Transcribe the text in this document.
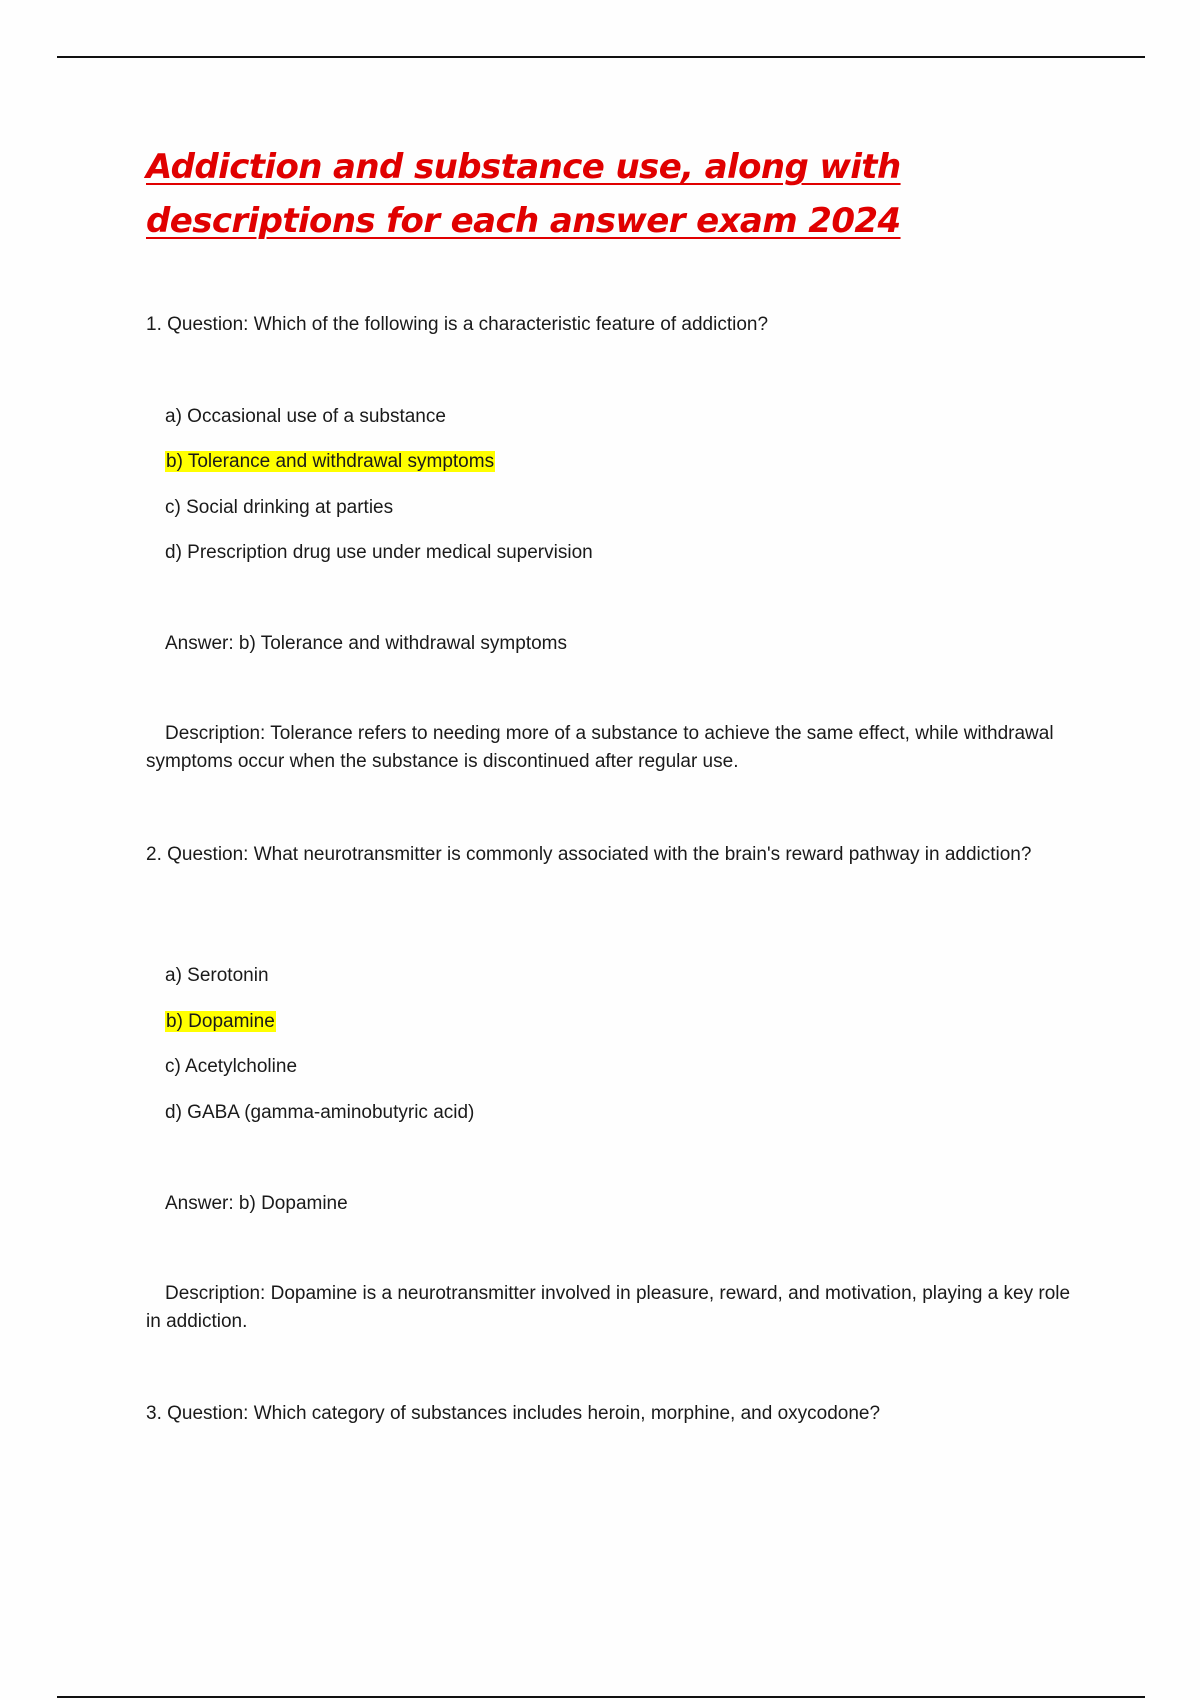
Addiction and substance use, along with descriptions for each answer exam 2024

1. Question: Which of the following is a characteristic feature of addiction?

a) Occasional use of a substance

b) Tolerance and withdrawal symptoms

c) Social drinking at parties

d) Prescription drug use under medical supervision

Answer: b) Tolerance and withdrawal symptoms

Description: Tolerance refers to needing more of a substance to achieve the same effect, while withdrawal symptoms occur when the substance is discontinued after regular use.

2. Question: What neurotransmitter is commonly associated with the brain's reward pathway in addiction?

a) Serotonin

b) Dopamine

c) Acetylcholine

d) GABA (gamma-aminobutyric acid)

Answer: b) Dopamine

Description: Dopamine is a neurotransmitter involved in pleasure, reward, and motivation, playing a key role in addiction.

3. Question: Which category of substances includes heroin, morphine, and oxycodone?
